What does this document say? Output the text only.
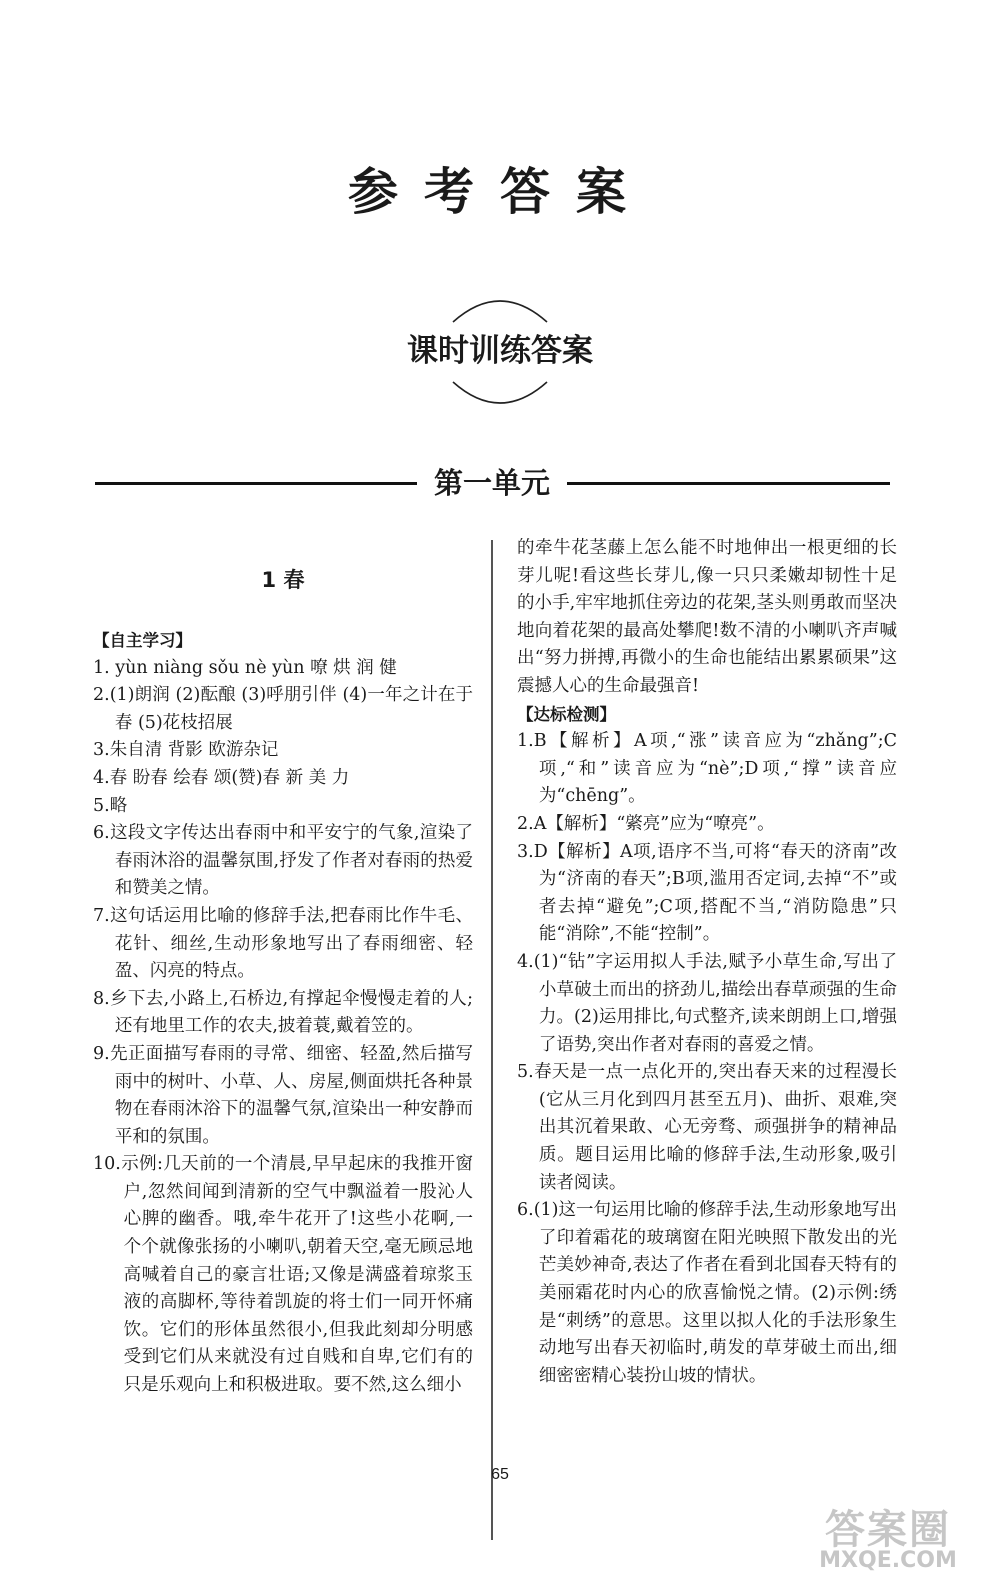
参考答案
课时训练答案
第一单元
1 春
【自主学习】
1. yùn niàng sǒu nè yùn 嘹 烘 润 健
2.(1)朗润 (2)酝酿 (3)呼朋引伴 (4)一年之计在于春 (5)花枝招展
3.朱自清 背影 欧游杂记
4.春 盼春 绘春 颂(赞)春 新 美 力
5.略
6.这段文字传达出春雨中和平安宁的气象,渲染了春雨沐浴的温馨氛围,抒发了作者对春雨的热爱和赞美之情。
7.这句话运用比喻的修辞手法,把春雨比作牛毛、花针、细丝,生动形象地写出了春雨细密、轻盈、闪亮的特点。
8.乡下去,小路上,石桥边,有撑起伞慢慢走着的人;还有地里工作的农夫,披着蓑,戴着笠的。
9.先正面描写春雨的寻常、细密、轻盈,然后描写雨中的树叶、小草、人、房屋,侧面烘托各种景物在春雨沐浴下的温馨气氛,渲染出一种安静而平和的氛围。
10.示例:几天前的一个清晨,早早起床的我推开窗户,忽然间闻到清新的空气中飘溢着一股沁人心脾的幽香。哦,牵牛花开了!这些小花啊,一个个就像张扬的小喇叭,朝着天空,毫无顾忌地高喊着自己的豪言壮语;又像是满盛着琼浆玉液的高脚杯,等待着凯旋的将士们一同开怀痛饮。它们的形体虽然很小,但我此刻却分明感受到它们从来就没有过自贱和自卑,它们有的只是乐观向上和积极进取。要不然,这么细小
的牵牛花茎藤上怎么能不时地伸出一根更细的长芽儿呢!看这些长芽儿,像一只只柔嫩却韧性十足的小手,牢牢地抓住旁边的花架,茎头则勇敢而坚决地向着花架的最高处攀爬!数不清的小喇叭齐声喊出“努力拼搏,再微小的生命也能结出累累硕果”这震撼人心的生命最强音!
【达标检测】
1.B【解析】A项,“涨”读音应为“zhǎng”;C项,“和”读音应为“nè”;D项,“撑”读音应为“chēng”。
2.A【解析】“綮亮”应为“嘹亮”。
3.D【解析】A项,语序不当,可将“春天的济南”改为“济南的春天”;B项,滥用否定词,去掉“不”或者去掉“避免”;C项,搭配不当,“消防隐患”只能“消除”,不能“控制”。
4.(1)“钻”字运用拟人手法,赋予小草生命,写出了小草破土而出的挤劲儿,描绘出春草顽强的生命力。(2)运用排比,句式整齐,读来朗朗上口,增强了语势,突出作者对春雨的喜爱之情。
5.春天是一点一点化开的,突出春天来的过程漫长(它从三月化到四月甚至五月)、曲折、艰难,突出其沉着果敢、心无旁骛、顽强拼争的精神品质。题目运用比喻的修辞手法,生动形象,吸引读者阅读。
6.(1)这一句运用比喻的修辞手法,生动形象地写出了印着霜花的玻璃窗在阳光映照下散发出的光芒美妙神奇,表达了作者在看到北国春天特有的美丽霜花时内心的欣喜愉悦之情。(2)示例:绣是“刺绣”的意思。这里以拟人化的手法形象生动地写出春天初临时,萌发的草芽破土而出,细细密密精心装扮山坡的情状。
65
答案圈
MXQE.COM
